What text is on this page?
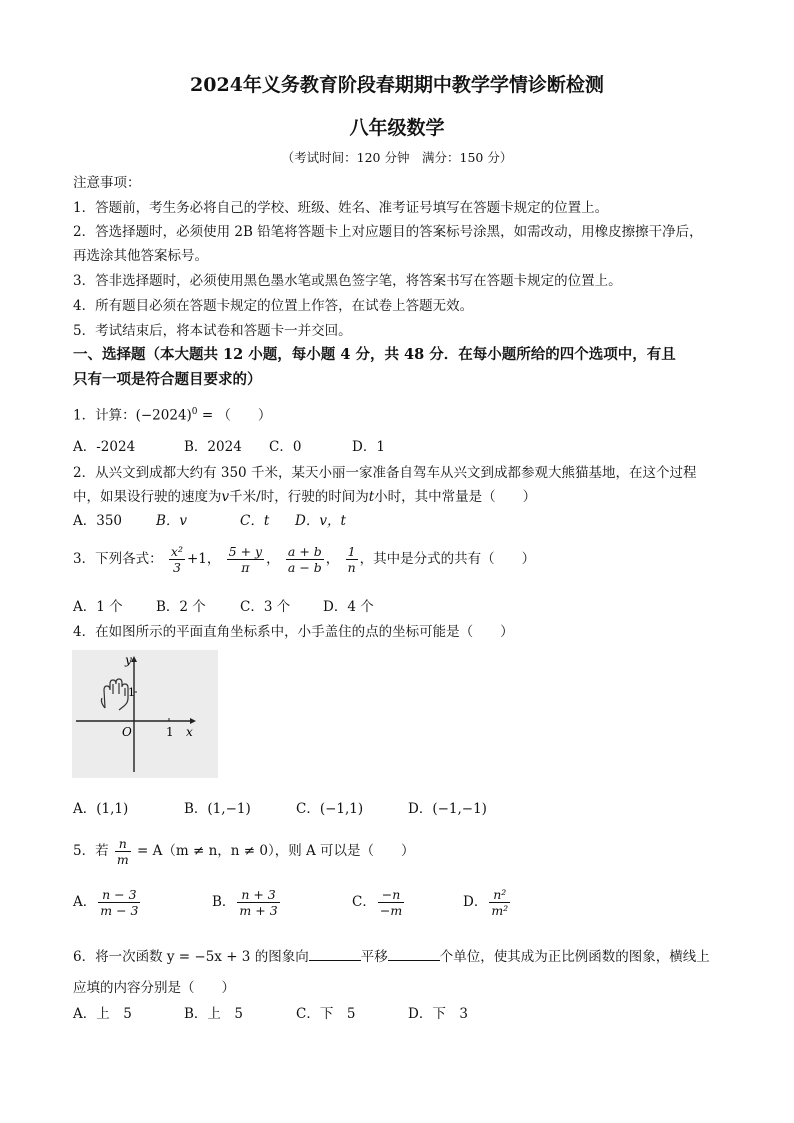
2024年义务教育阶段春期期中教学学情诊断检测
八年级数学
（考试时间：120 分钟　满分：150 分）
注意事项：
1．答题前，考生务必将自己的学校、班级、姓名、准考证号填写在答题卡规定的位置上。
2．答选择题时，必须使用 2B 铅笔将答题卡上对应题目的答案标号涂黑，如需改动，用橡皮擦擦干净后，
再选涂其他答案标号。
3．答非选择题时，必须使用黑色墨水笔或黑色签字笔，将答案书写在答题卡规定的位置上。
4．所有题目必须在答题卡规定的位置上作答，在试卷上答题无效。
5．考试结束后，将本试卷和答题卡一并交回。
一、选择题（本大题共 12 小题，每小题 4 分，共 48 分．在每小题所给的四个选项中，有且
只有一项是符合题目要求的）
1．计算：$(-2024)^0$ = （　　）
A．-2024	B．2024 C．0	D．1
2．从兴文到成都大约有 350 千米，某天小丽一家准备自驾车从兴文到成都参观大熊猫基地，在这个过程
中，如果设行驶的速度为v千米/时，行驶的时间为t小时，其中常量是（　　）
A．350	B．v	C．t D．v，t
3．下列各式： $\frac{\text{x²}}{3} +1$， $\frac{5 + y}{\pi}$ ， $\frac{a + b}{a - b}$ ， $\frac{1}{n}$ ，其中是分式的共有（　　）
A．1 个 B．2 个	C．3 个 D．4 个
4．在如图所示的平面直角坐标系中，小手盖住的点的坐标可能是（　　）
y
x
O	1
1
A．(1,1)	B．(1,−1)	C．(−1,1)	D．(−1,−1)
5．若 $\frac{n}{m} = A(m \ne n$，n ≠ 0），则 A 可以是（　　）
A． $\frac{n - 3}{m - 3}$	B． $\frac{n + 3}{m + 3}$	C． $\frac{-n}{-m}$	D． $\frac{\text{n²}}{\text{m²}}$
6．将一次函数 y = −5x + 3 的图象向	平移	个单位，使其成为正比例函数的图象，横线上
应填的内容分别是（　　）
A．上　5	B．上　5	C．下　5	D．下　3
